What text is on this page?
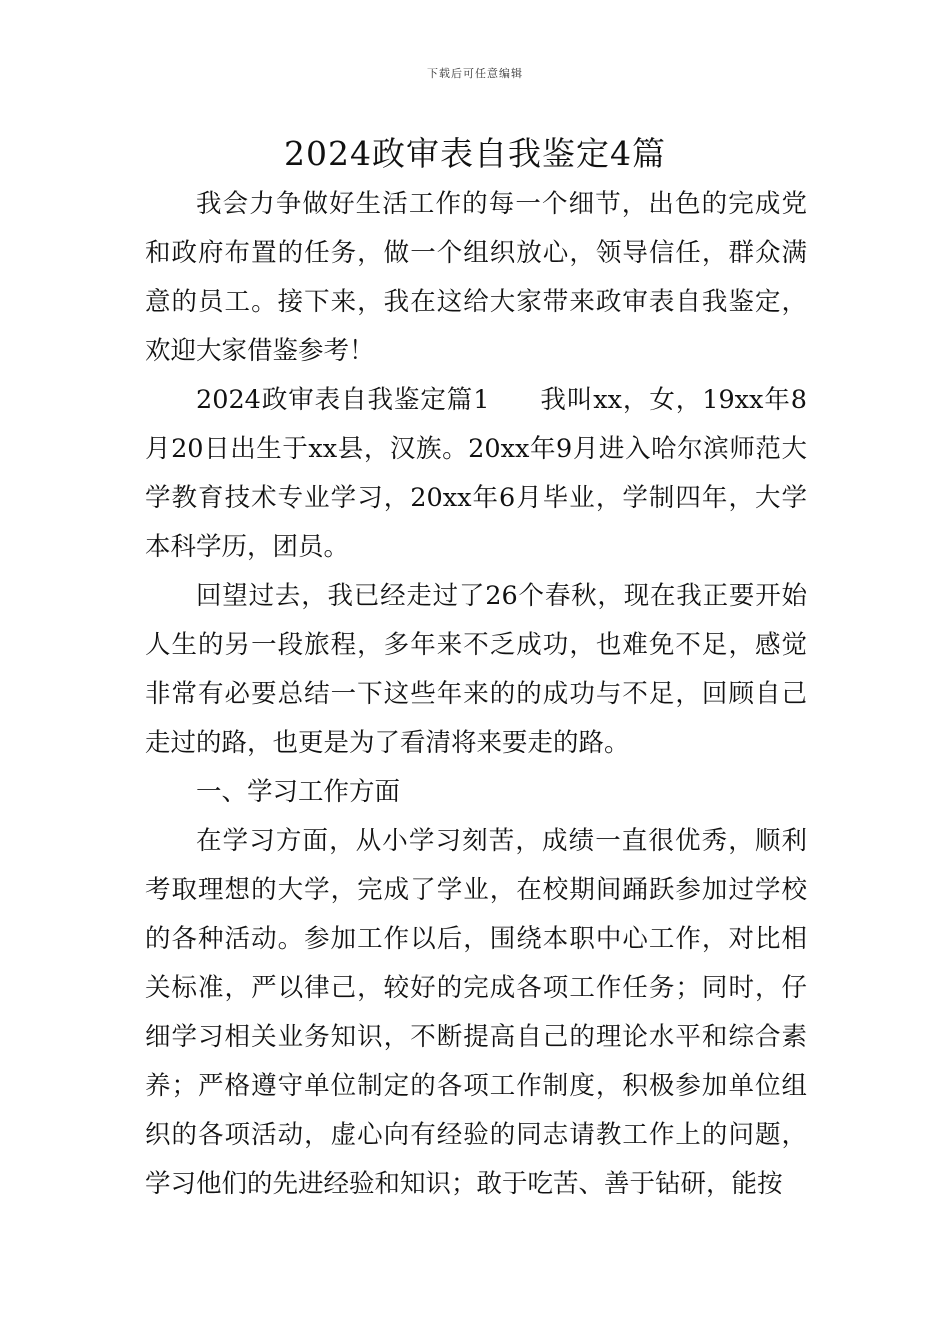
下载后可任意编辑
2024政审表自我鉴定4篇

我会力争做好生活工作的每一个细节，出色的完成党和政府布置的任务，做一个组织放心，领导信任，群众满意的员工。接下来，我在这给大家带来政审表自我鉴定，欢迎大家借鉴参考！

2024政审表自我鉴定篇1 我叫xx，女，19xx年8月20日出生于xx县，汉族。20xx年9月进入哈尔滨师范大学教育技术专业学习，20xx年6月毕业，学制四年，大学本科学历，团员。

回望过去，我已经走过了26个春秋，现在我正要开始人生的另一段旅程，多年来不乏成功，也难免不足，感觉非常有必要总结一下这些年来的的成功与不足，回顾自己走过的路，也更是为了看清将来要走的路。

一、学习工作方面

在学习方面，从小学习刻苦，成绩一直很优秀，顺利考取理想的大学，完成了学业，在校期间踊跃参加过学校的各种活动。参加工作以后，围绕本职中心工作，对比相关标准，严以律己，较好的完成各项工作任务；同时，仔细学习相关业务知识，不断提高自己的理论水平和综合素养；严格遵守单位制定的各项工作制度，积极参加单位组织的各项活动，虚心向有经验的同志请教工作上的问题，学习他们的先进经验和知识；敢于吃苦、善于钻研，能按
